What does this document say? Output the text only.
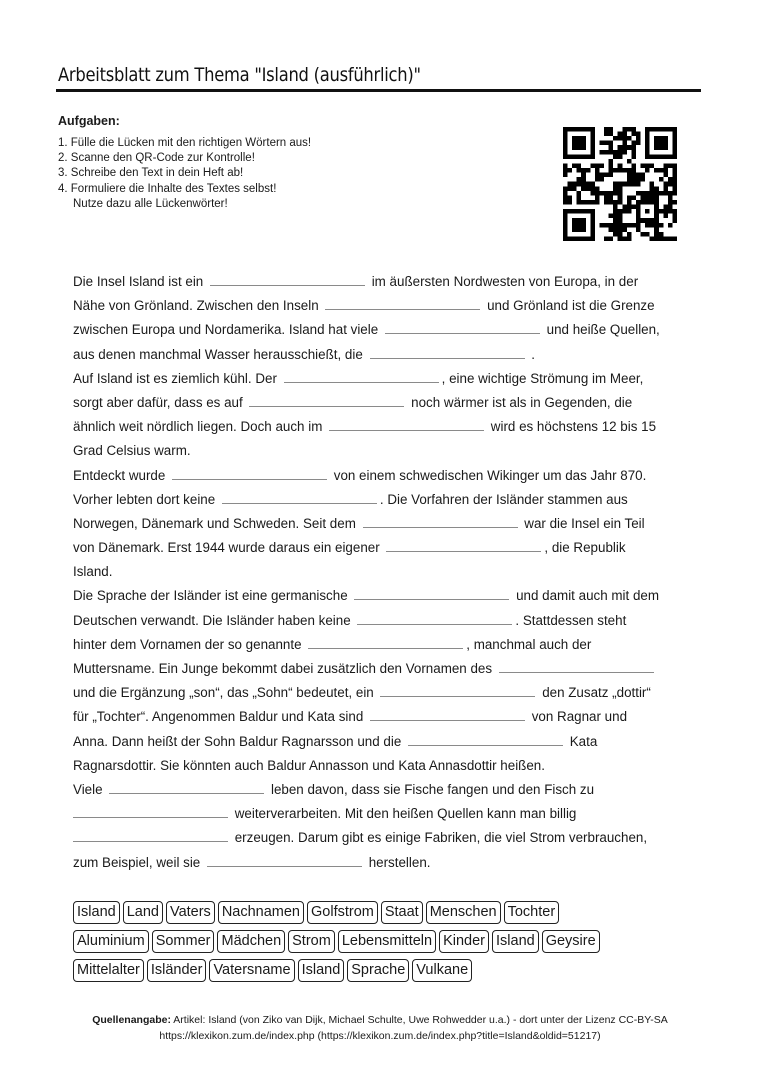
Arbeitsblatt zum Thema "Island (ausführlich)"
Aufgaben:
1. Fülle die Lücken mit den richtigen Wörtern aus!
2. Scanne den QR-Code zur Kontrolle!
3. Schreibe den Text in dein Heft ab!
4. Formuliere die Inhalte des Textes selbst!
Nutze dazu alle Lückenwörter!
Die Insel Island ist ein	im äußersten Nordwesten von Europa, in der
Nähe von Grönland. Zwischen den Inseln	und Grönland ist die Grenze
zwischen Europa und Nordamerika. Island hat viele	und heiße Quellen,
aus denen manchmal Wasser herausschießt, die	.
Auf Island ist es ziemlich kühl. Der	, eine wichtige Strömung im Meer,
sorgt aber dafür, dass es auf	noch wärmer ist als in Gegenden, die
ähnlich weit nördlich liegen. Doch auch im	wird es höchstens 12 bis 15
Grad Celsius warm.
Entdeckt wurde	von einem schwedischen Wikinger um das Jahr 870.
Vorher lebten dort keine	. Die Vorfahren der Isländer stammen aus
Norwegen, Dänemark und Schweden. Seit dem	war die Insel ein Teil
von Dänemark. Erst 1944 wurde daraus ein eigener	, die Republik
Island.
Die Sprache der Isländer ist eine germanische	und damit auch mit dem
Deutschen verwandt. Die Isländer haben keine	. Stattdessen steht
hinter dem Vornamen der so genannte	, manchmal auch der
Muttersname. Ein Junge bekommt dabei zusätzlich den Vornamen des
und die Ergänzung „son“, das „Sohn“ bedeutet, ein	den Zusatz „dottir“
für „Tochter“. Angenommen Baldur und Kata sind	von Ragnar und
Anna. Dann heißt der Sohn Baldur Ragnarsson und die	Kata
Ragnarsdottir. Sie könnten auch Baldur Annasson und Kata Annasdottir heißen.
Viele	leben davon, dass sie Fische fangen und den Fisch zu
weiterverarbeiten. Mit den heißen Quellen kann man billig
erzeugen. Darum gibt es einige Fabriken, die viel Strom verbrauchen,
zum Beispiel, weil sie	herstellen.
Island Land Vaters Nachnamen Golfstrom Staat Menschen Tochter
Aluminium Sommer Mädchen Strom Lebensmitteln Kinder Island Geysire
Mittelalter Isländer Vatersname Island Sprache Vulkane
Quellenangabe: Artikel: Island (von Ziko van Dijk, Michael Schulte, Uwe Rohwedder u.a.) - dort unter der Lizenz CC-BY-SA
https://klexikon.zum.de/index.php (https://klexikon.zum.de/index.php?title=Island&oldid=51217)
